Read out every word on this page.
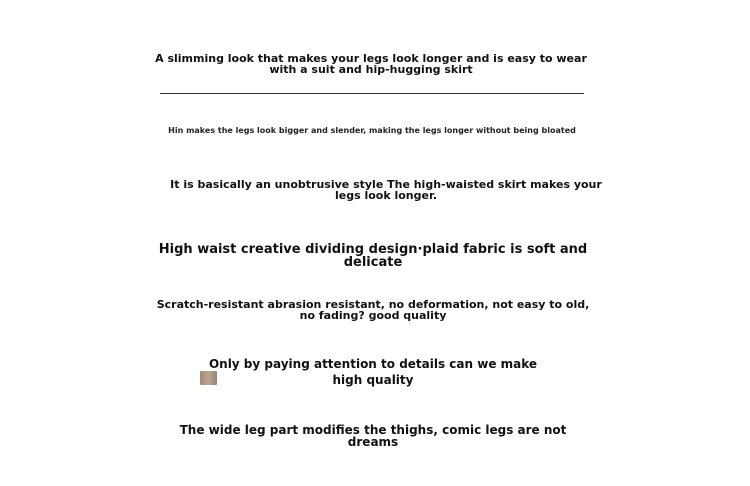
A slimming look that makes your legs look longer and is easy to wear with a suit and hip-hugging skirt
Hin makes the legs look bigger and slender, making the legs longer without being bloated
It is basically an unobtrusive style The high-waisted skirt makes your legs look longer.
High waist creative dividing design·plaid fabric is soft and delicate
Scratch-resistant abrasion resistant, no deformation, not easy to old, no fading? good quality
Only by paying attention to details can we make high quality
The wide leg part modifies the thighs, comic legs are not dreams
